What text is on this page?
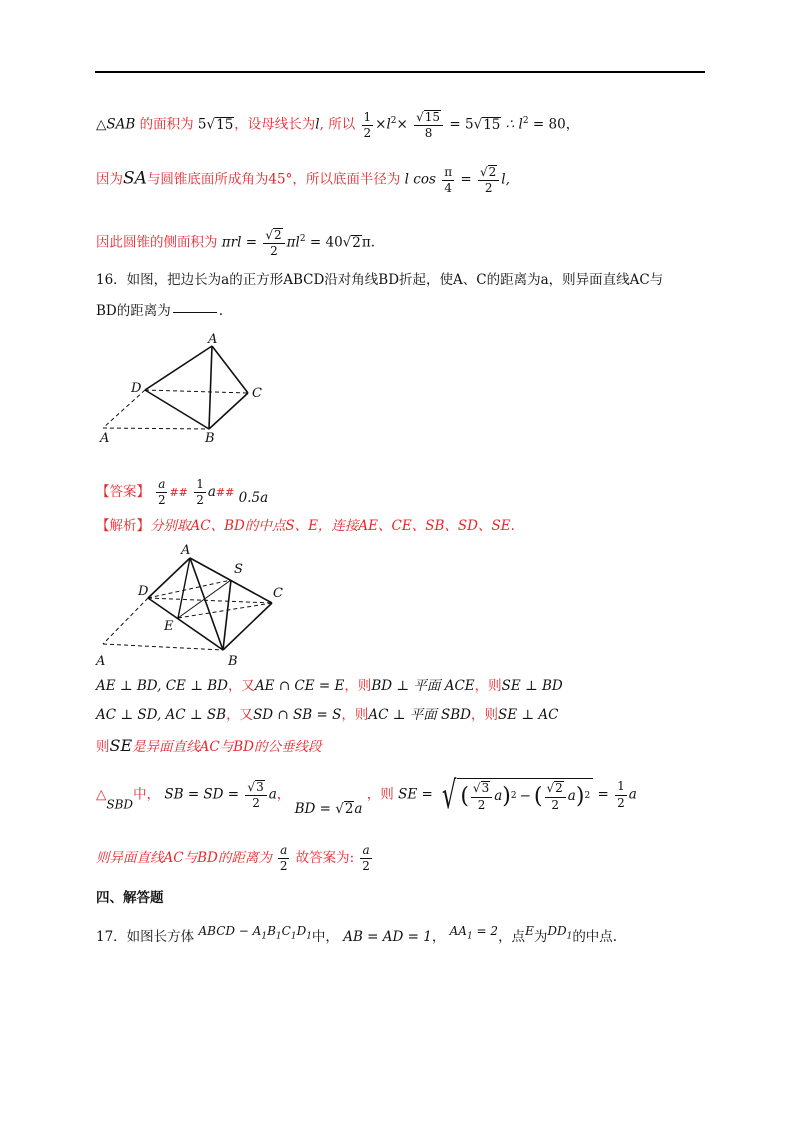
△SAB 的面积为 5√15，设母线长为l, 所以 $\frac{1}{2} \times l^2\times \frac{√15}{8} = 5√15$ ∴ $l^2 = 80$，
因为SA与圆锥底面所成角为45°，所以底面半径为 l $\cos \frac{\pi}{4} = \frac{√2}{2} l$,
因此圆锥的侧面积为 $\pi rl = \frac{√2}{2} \pi l^2 = 40√2\pi$.
16．如图，把边长为a的正方形ABCD沿对角线BD折起，使A、C的距离为a，则异面直线AC与
BD的距离为	.
A
B
C
D
A
【答案】 $\frac{a}{2}$ ## $\frac{1}{2}$ a## 0.5a
【解析】分别取AC、BD的中点S、E，连接AE、CE、SB、SD、SE.
A
S
C
D
E
A	B
AE ⊥ BD, CE ⊥ BD，又AE ∩ CE = E，则BD ⊥ 平面 ACE，则SE ⊥ BD
AC ⊥ SD, AC ⊥ SB，又SD ∩ SB = S，则AC ⊥ 平面 SBD，则SE ⊥ AC
则SE是异面直线AC与BD的公垂线段
△SBD中， SB = SD = $\frac{√3}{2}$ a， BD = √2a ，则 SE = √ ( $\frac{√3}{2}$ a ) 2 − ( $\frac{√2}{2}$ a ) $2 = \frac{1}{2}$ a
则异面直线AC与BD的距离为 $\frac{a}{2}$ 故答案为: $\frac{a}{2}$
四、解答题
17．如图长方体 ABCD − $A_1B_1C_1D_1$中， AB = AD = 1， $AA_1 = 2$，点E为$DD_1$的中点.
